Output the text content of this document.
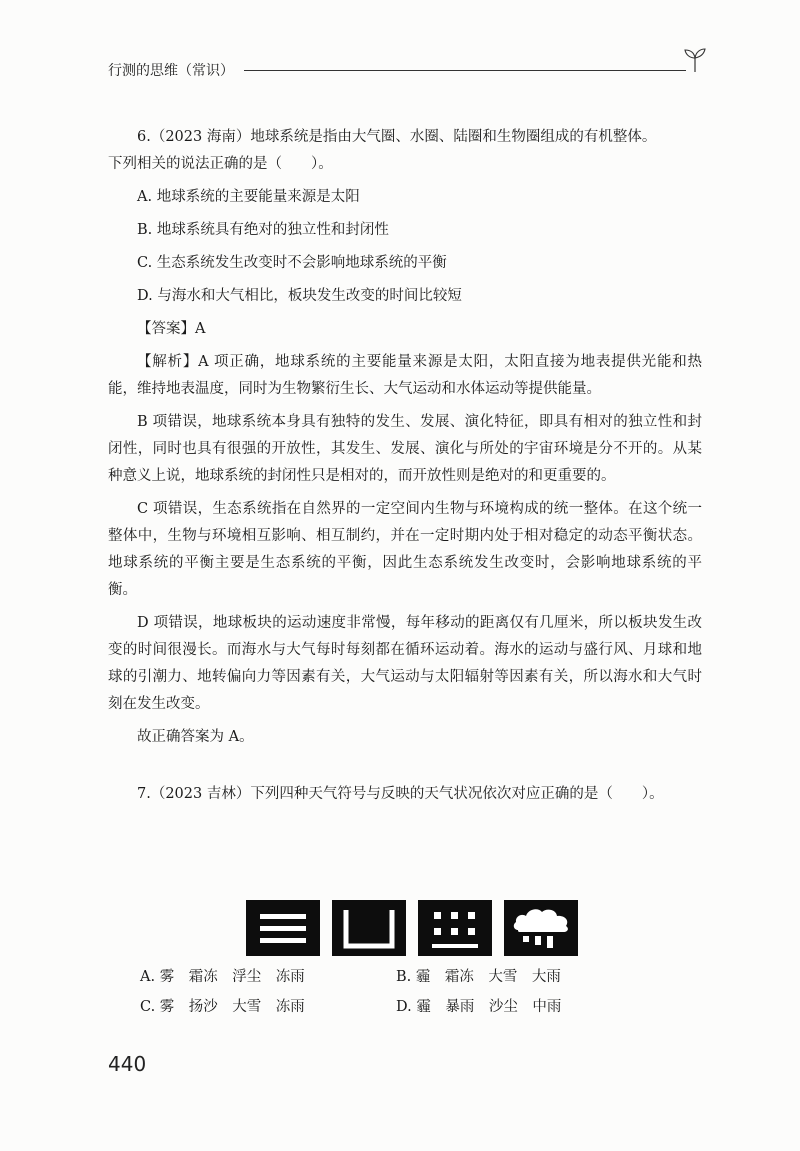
行测的思维（常识）

6.（2023 海南）地球系统是指由大气圈、水圈、陆圈和生物圈组成的有机整体。

下列相关的说法正确的是（　　）。

A. 地球系统的主要能量来源是太阳

B. 地球系统具有绝对的独立性和封闭性

C. 生态系统发生改变时不会影响地球系统的平衡

D. 与海水和大气相比，板块发生改变的时间比较短

【答案】A

【解析】A 项正确，地球系统的主要能量来源是太阳，太阳直接为地表提供光能和热能，维持地表温度，同时为生物繁衍生长、大气运动和水体运动等提供能量。

B 项错误，地球系统本身具有独特的发生、发展、演化特征，即具有相对的独立性和封闭性，同时也具有很强的开放性，其发生、发展、演化与所处的宇宙环境是分不开的。从某种意义上说，地球系统的封闭性只是相对的，而开放性则是绝对的和更重要的。

C 项错误，生态系统指在自然界的一定空间内生物与环境构成的统一整体。在这个统一整体中，生物与环境相互影响、相互制约，并在一定时期内处于相对稳定的动态平衡状态。地球系统的平衡主要是生态系统的平衡，因此生态系统发生改变时，会影响地球系统的平衡。

D 项错误，地球板块的运动速度非常慢，每年移动的距离仅有几厘米，所以板块发生改变的时间很漫长。而海水与大气每时每刻都在循环运动着。海水的运动与盛行风、月球和地球的引潮力、地转偏向力等因素有关，大气运动与太阳辐射等因素有关，所以海水和大气时刻在发生改变。

故正确答案为 A。

7.（2023 吉林）下列四种天气符号与反映的天气状况依次对应正确的是（　　）。

A. 雾　霜冻　浮尘　冻雨	B. 霾　霜冻　大雪　大雨
C. 雾　扬沙　大雪　冻雨	D. 霾　暴雨　沙尘　中雨
440
